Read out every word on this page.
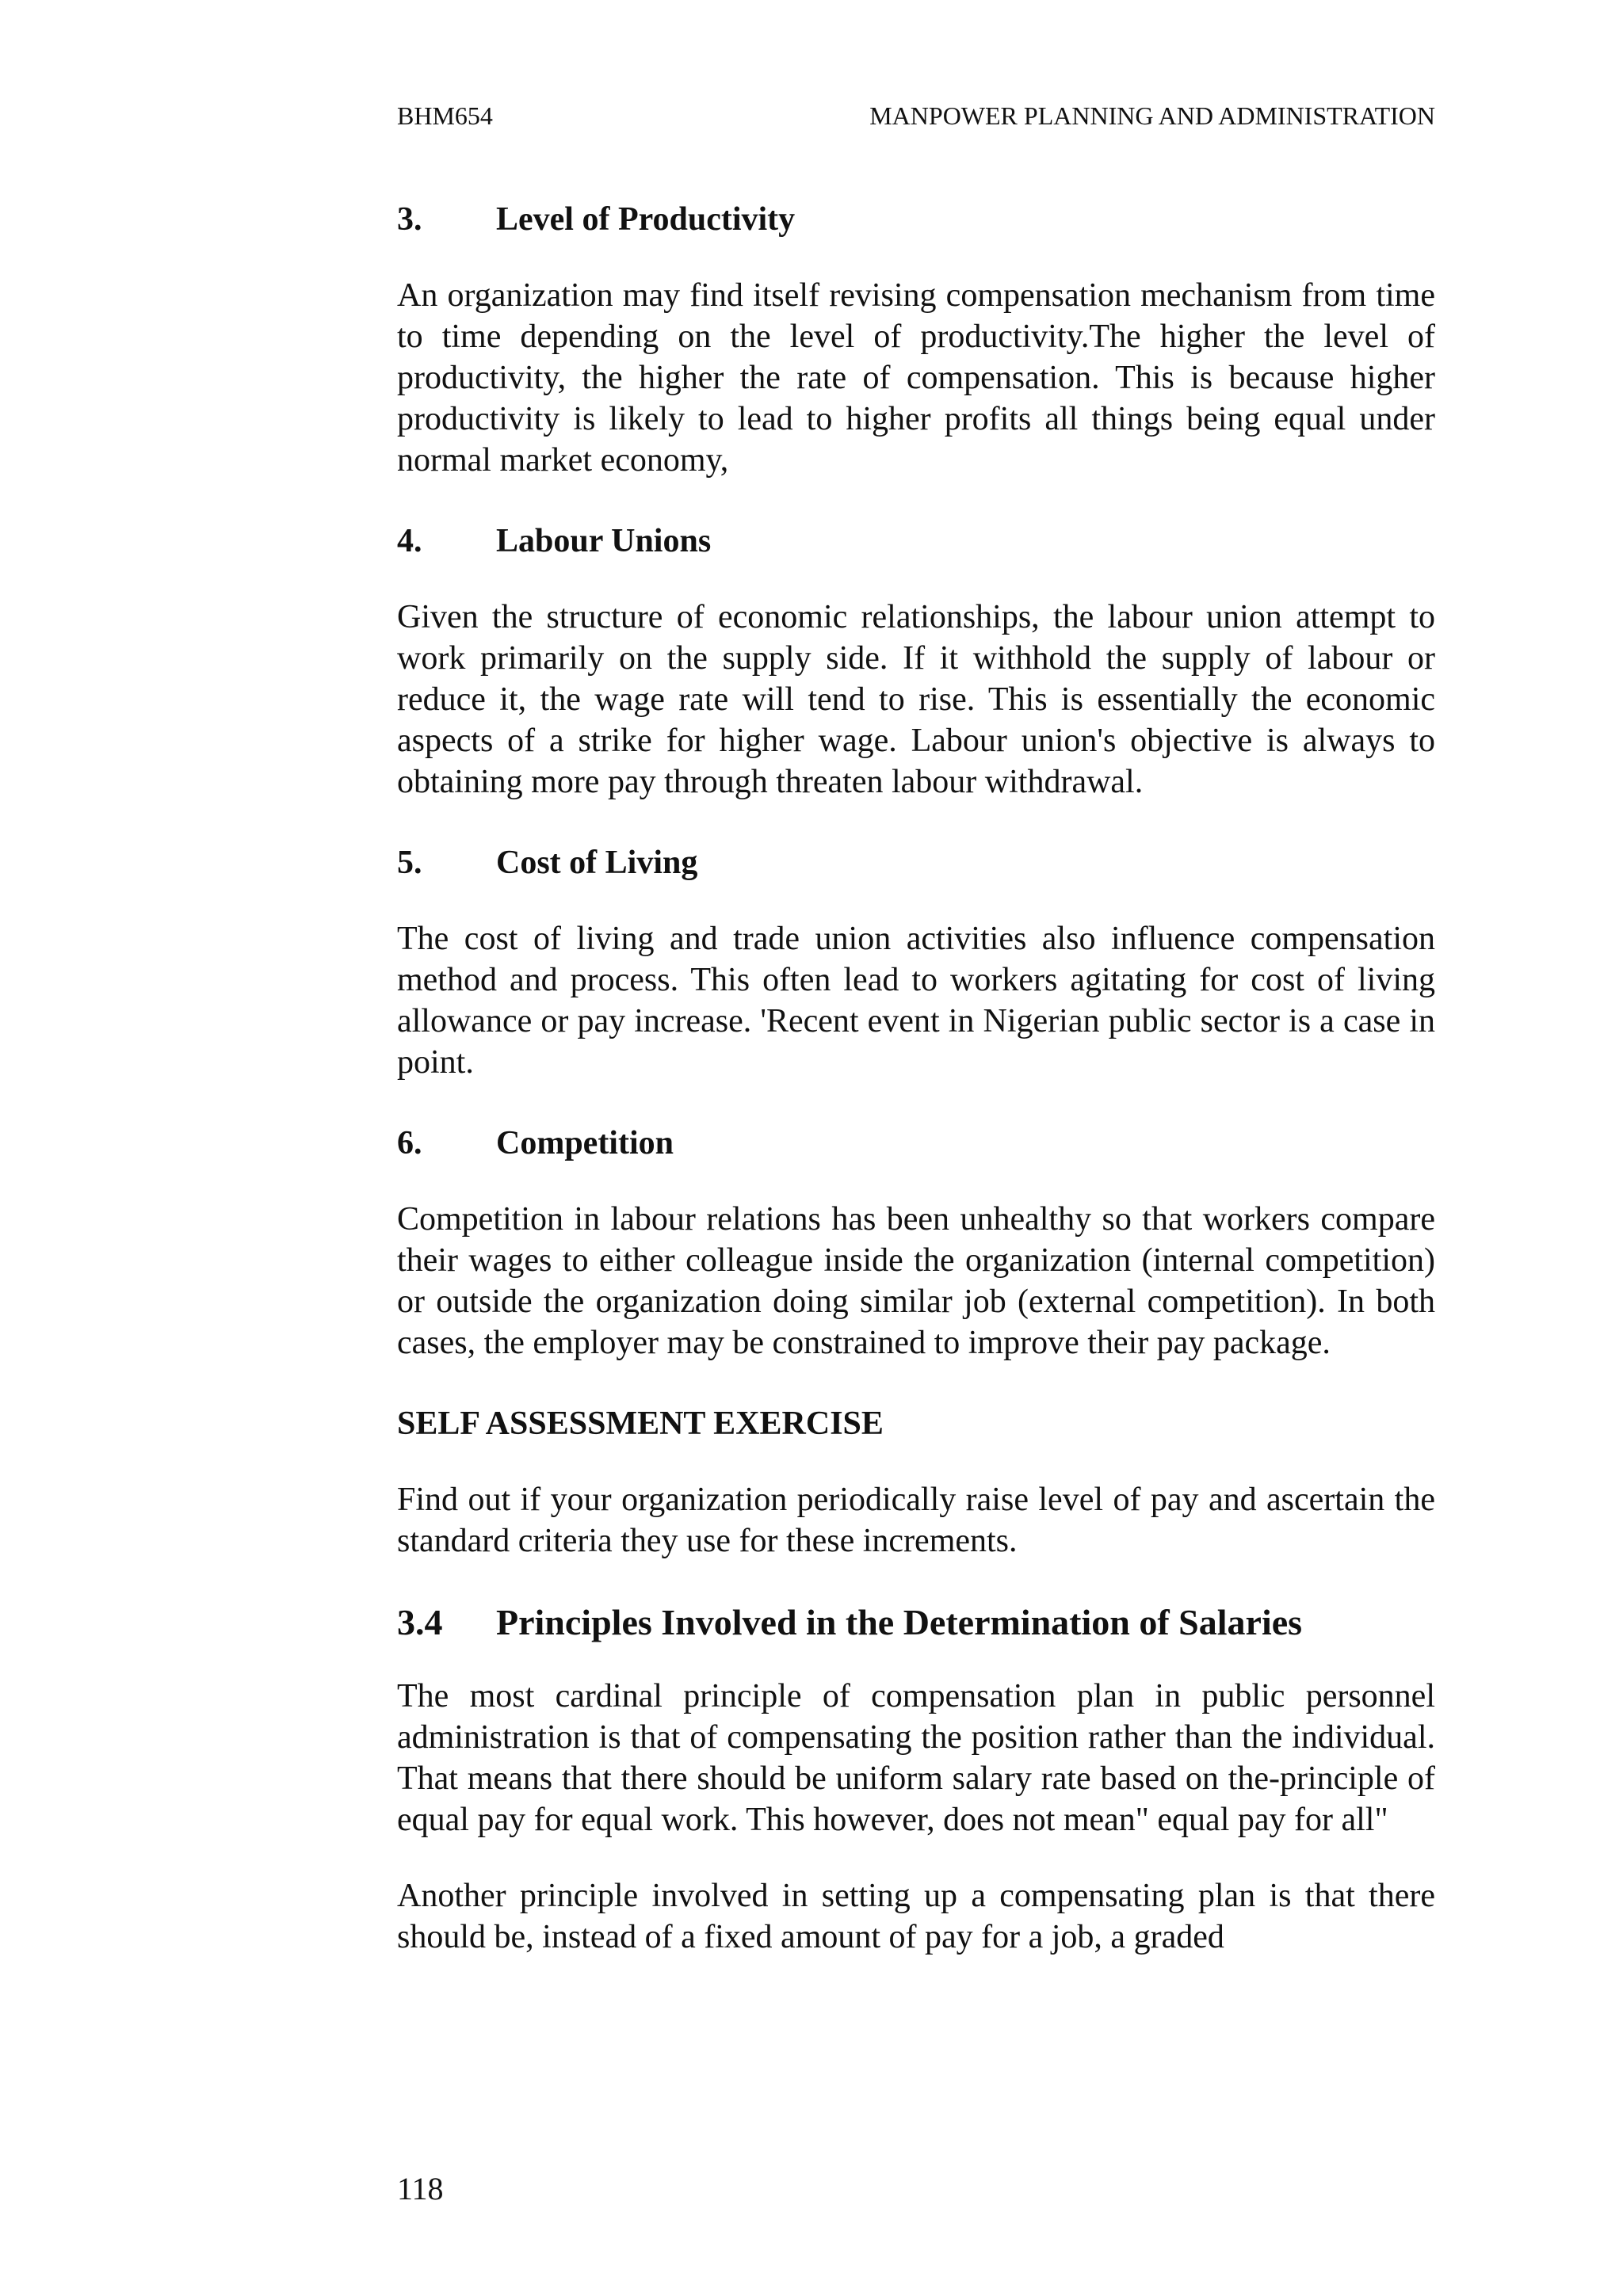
BHM654	MANPOWER PLANNING AND ADMINISTRATION
3.	Level of Productivity

An organization may find itself revising compensation mechanism from time to time depending on the level of productivity.The higher the level of productivity, the higher the rate of compensation. This is because higher productivity is likely to lead to higher profits all things being equal under normal market economy,

4.	Labour Unions

Given the structure of economic relationships, the labour union attempt to work primarily on the supply side. If it withhold the supply of labour or reduce it, the wage rate will tend to rise. This is essentially the economic aspects of a strike for higher wage. Labour union's objective is always to obtaining more pay through threaten labour withdrawal.

5.	Cost of Living

The cost of living and trade union activities also influence compensation method and process. This often lead to workers agitating for cost of living allowance or pay increase. 'Recent event in Nigerian public sector is a case in point.

6.	Competition

Competition in labour relations has been unhealthy so that workers compare their wages to either colleague inside the organization (internal competition) or outside the organization doing similar job (external competition). In both cases, the employer may be constrained to improve their pay package.

SELF ASSESSMENT EXERCISE

Find out if your organization periodically raise level of pay and ascertain the standard criteria they use for these increments.

3.4	Principles Involved in the Determination of Salaries

The most cardinal principle of compensation plan in public personnel administration is that of compensating the position rather than the individual. That means that there should be uniform salary rate based on the-principle of equal pay for equal work. This however, does not mean" equal pay for all"

Another principle involved in setting up a compensating plan is that there should be, instead of a fixed amount of pay for a job, a graded

118
